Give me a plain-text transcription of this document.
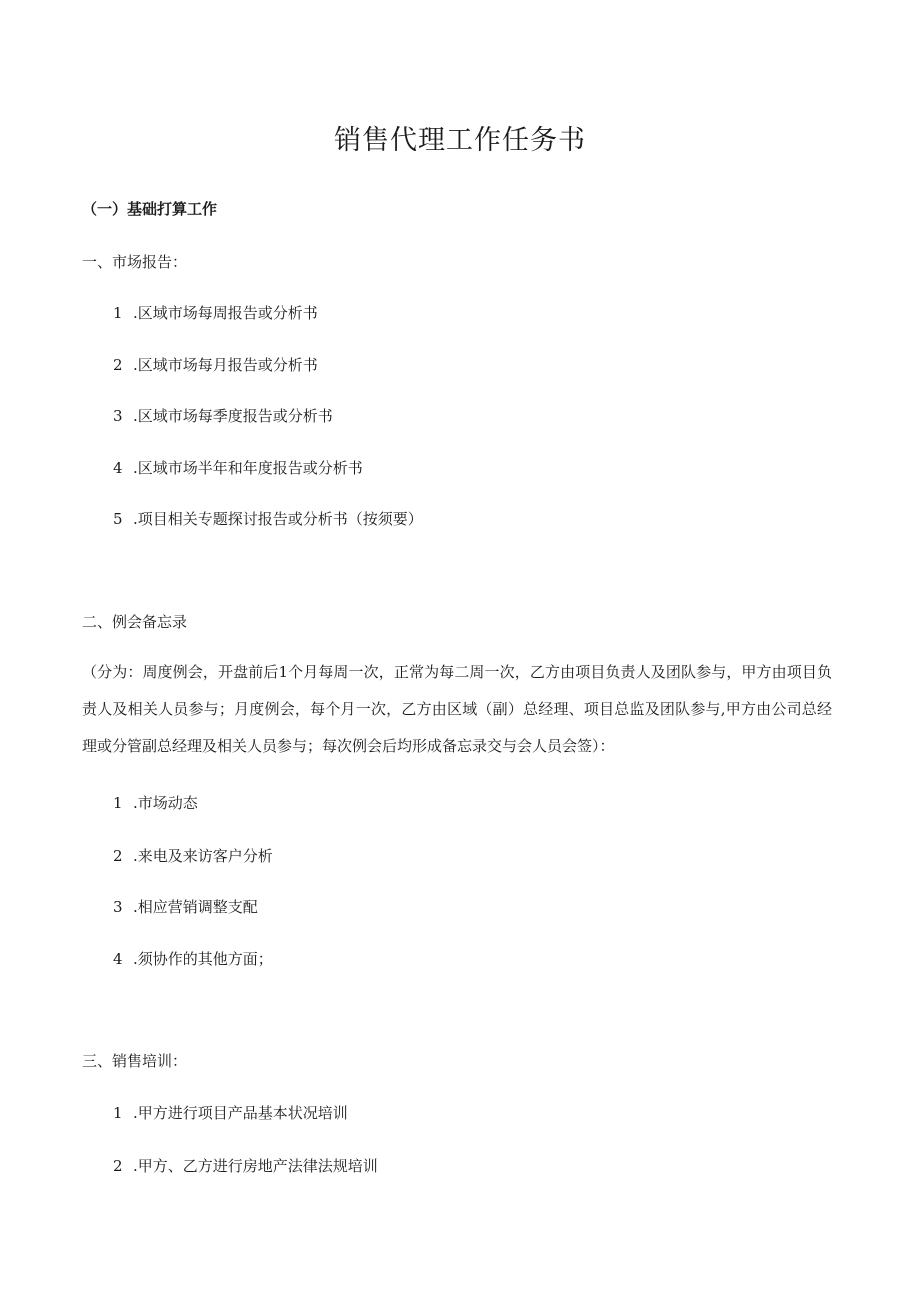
销售代理工作任务书
（一）基础打算工作
一、市场报告：
1 .区域市场每周报告或分析书
2 .区域市场每月报告或分析书
3 .区域市场每季度报告或分析书
4 .区域市场半年和年度报告或分析书
5 .项目相关专题探讨报告或分析书（按须要）
二、例会备忘录
（分为：周度例会，开盘前后1个月每周一次，正常为每二周一次，乙方由项目负责人及团队参与，甲方由项目负责人及相关人员参与；月度例会，每个月一次，乙方由区域（副）总经理、项目总监及团队参与,甲方由公司总经理或分管副总经理及相关人员参与；每次例会后均形成备忘录交与会人员会签）：
1 .市场动态
2 .来电及来访客户分析
3 .相应营销调整支配
4 .须协作的其他方面；
三、销售培训：
1 .甲方进行项目产品基本状况培训
2 .甲方、乙方进行房地产法律法规培训
